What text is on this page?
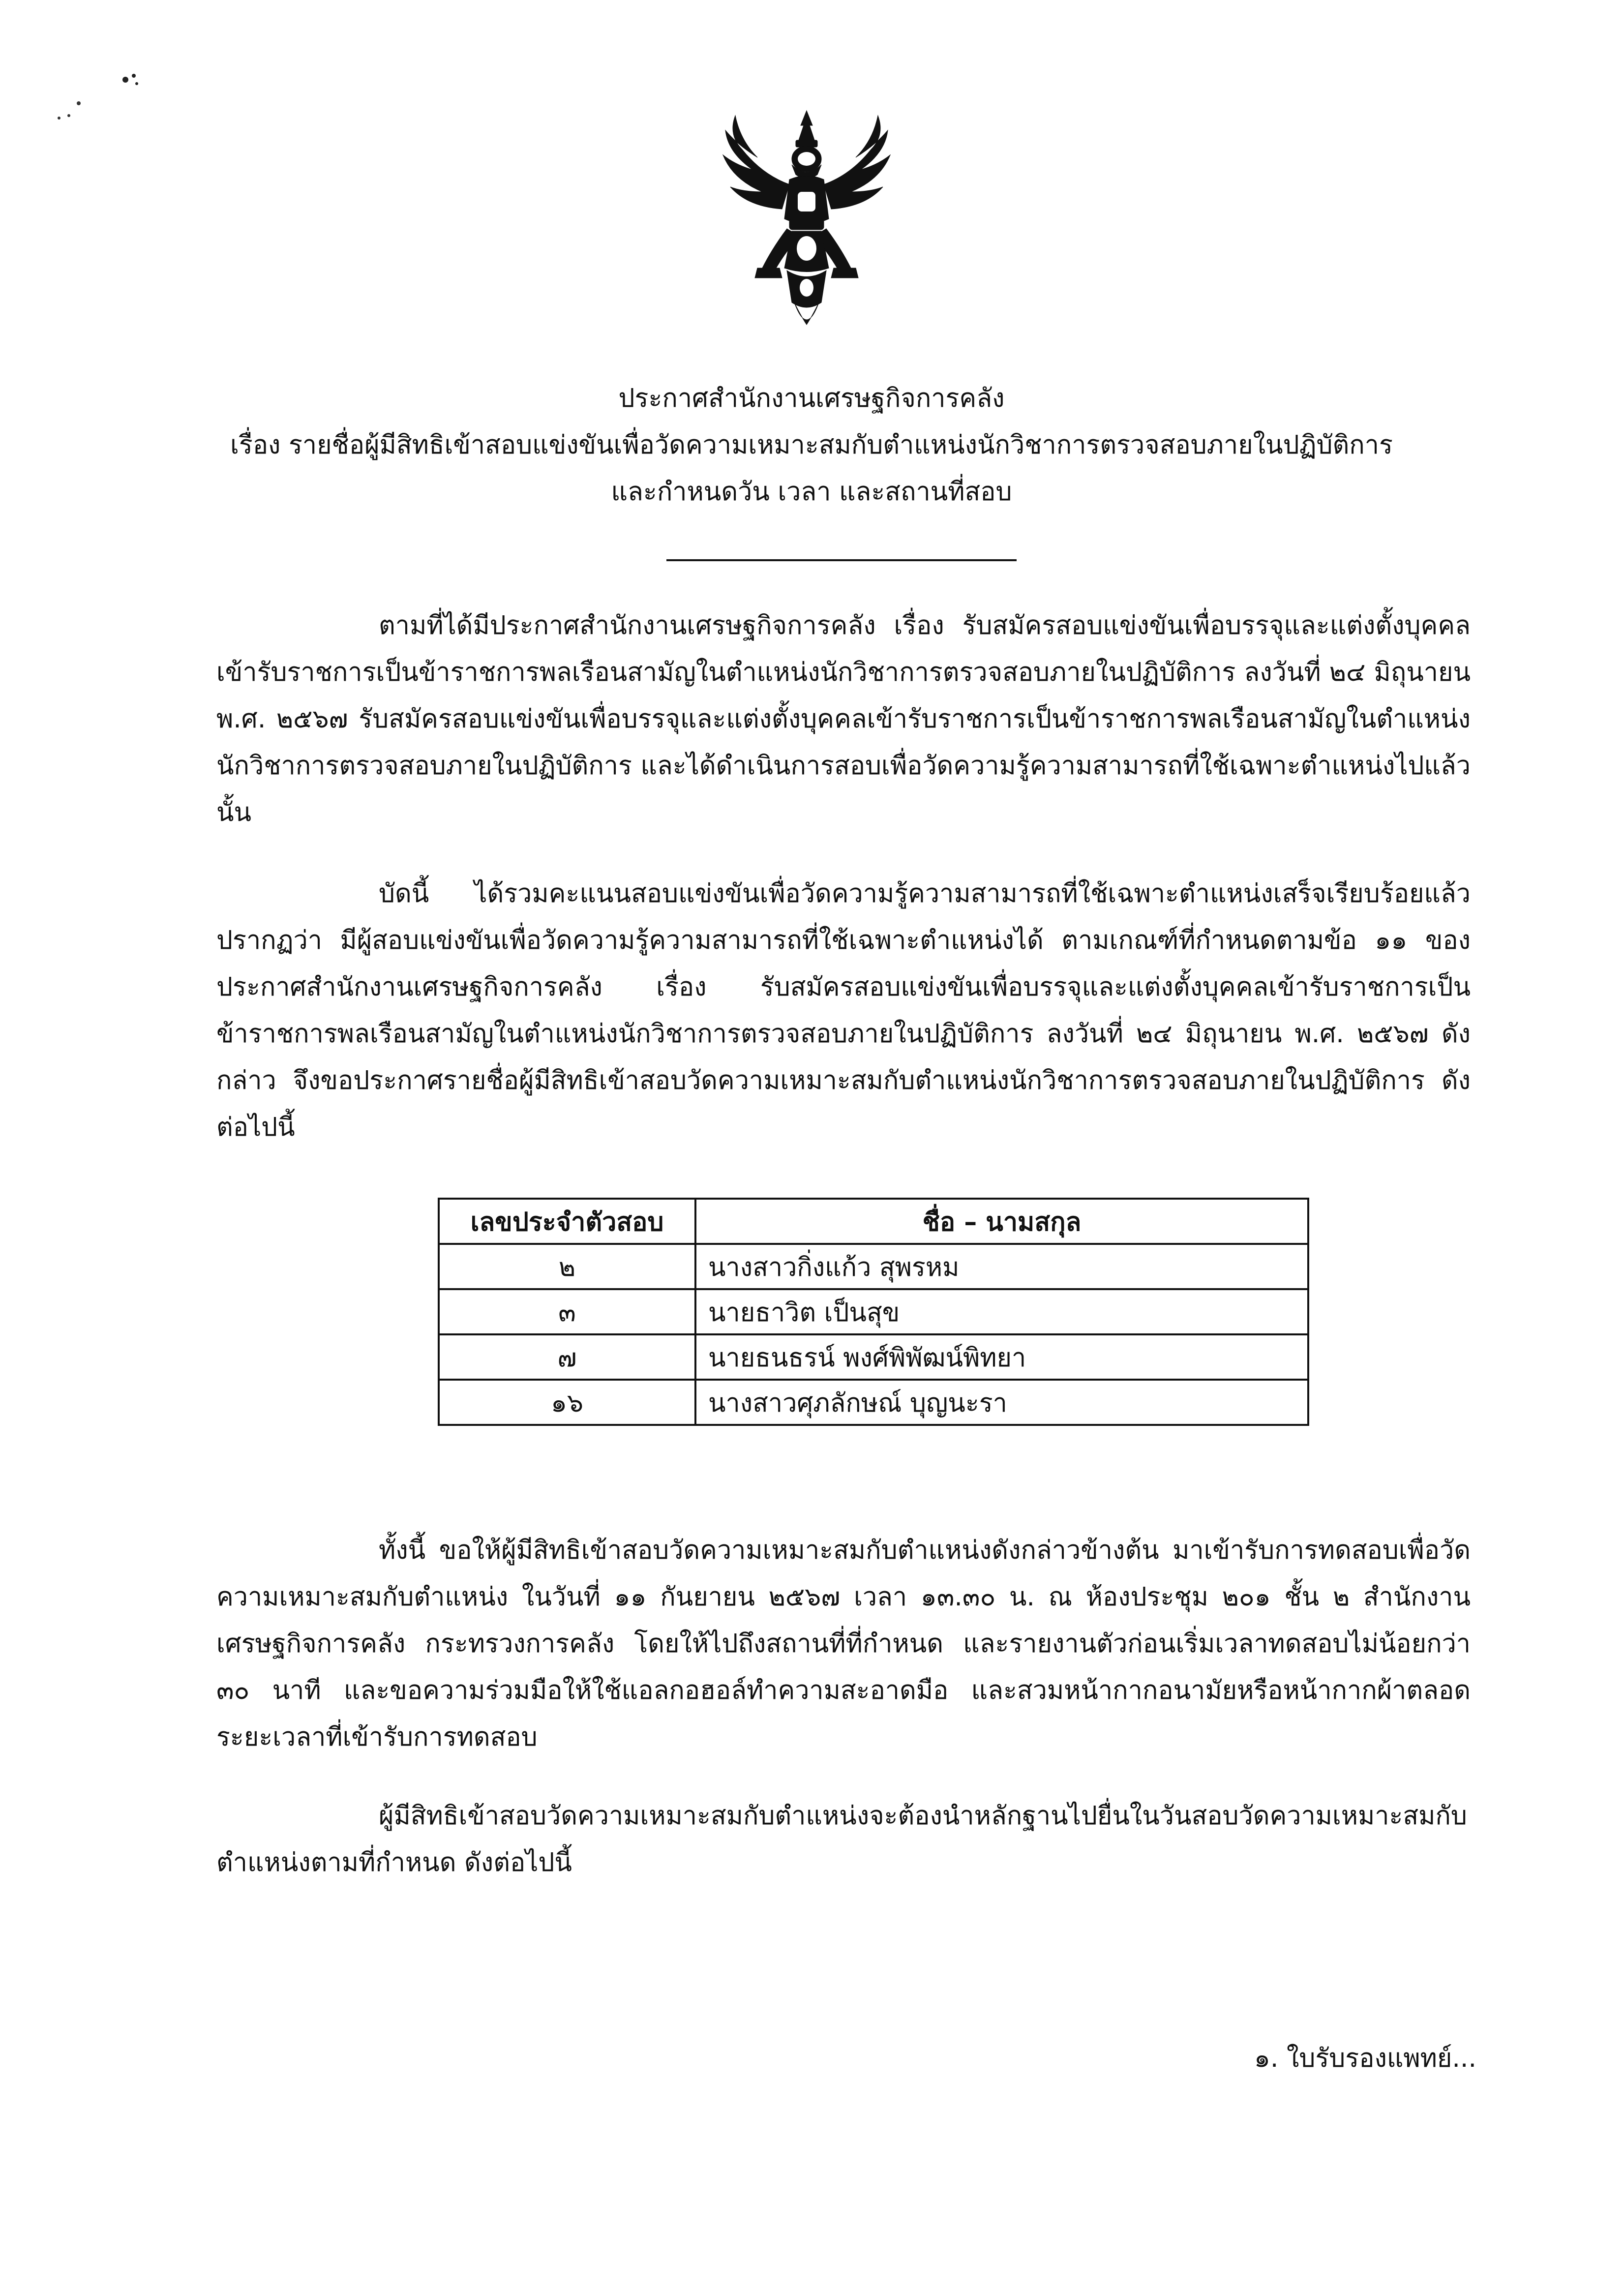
ประกาศสำนักงานเศรษฐกิจการคลัง
เรื่อง รายชื่อผู้มีสิทธิเข้าสอบแข่งขันเพื่อวัดความเหมาะสมกับตำแหน่งนักวิชาการตรวจสอบภายในปฏิบัติการ
และกำหนดวัน เวลา และสถานที่สอบ

ตามที่ได้มีประกาศสำนักงานเศรษฐกิจการคลัง เรื่อง รับสมัครสอบแข่งขันเพื่อบรรจุและแต่งตั้งบุคคลเข้ารับราชการเป็นข้าราชการพลเรือนสามัญในตำแหน่งนักวิชาการตรวจสอบภายในปฏิบัติการ ลงวันที่ ๒๔ มิถุนายน พ.ศ. ๒๕๖๗ รับสมัครสอบแข่งขันเพื่อบรรจุและแต่งตั้งบุคคลเข้ารับราชการเป็นข้าราชการพลเรือนสามัญในตำแหน่งนักวิชาการตรวจสอบภายในปฏิบัติการ และได้ดำเนินการสอบเพื่อวัดความรู้ความสามารถที่ใช้เฉพาะตำแหน่งไปแล้ว นั้น

บัดนี้ ได้รวมคะแนนสอบแข่งขันเพื่อวัดความรู้ความสามารถที่ใช้เฉพาะตำแหน่งเสร็จเรียบร้อยแล้ว ปรากฏว่า มีผู้สอบแข่งขันเพื่อวัดความรู้ความสามารถที่ใช้เฉพาะตำแหน่งได้ ตามเกณฑ์ที่กำหนดตามข้อ ๑๑ ของประกาศสำนักงานเศรษฐกิจการคลัง เรื่อง รับสมัครสอบแข่งขันเพื่อบรรจุและแต่งตั้งบุคคลเข้ารับราชการเป็นข้าราชการพลเรือนสามัญในตำแหน่งนักวิชาการตรวจสอบภายในปฏิบัติการ ลงวันที่ ๒๔ มิถุนายน พ.ศ. ๒๕๖๗ ดังกล่าว จึงขอประกาศรายชื่อผู้มีสิทธิเข้าสอบวัดความเหมาะสมกับตำแหน่งนักวิชาการตรวจสอบภายในปฏิบัติการ ดังต่อไปนี้

เลขประจำตัวสอบ	ชื่อ – นามสกุล
๒	นางสาวกิ่งแก้ว สุพรหม
๓	นายธาวิต เป็นสุข
๗	นายธนธรน์ พงศ์พิพัฒน์พิทยา
๑๖	นางสาวศุภลักษณ์ บุญนะรา

ทั้งนี้ ขอให้ผู้มีสิทธิเข้าสอบวัดความเหมาะสมกับตำแหน่งดังกล่าวข้างต้น มาเข้ารับการทดสอบเพื่อวัดความเหมาะสมกับตำแหน่ง ในวันที่ ๑๑ กันยายน ๒๕๖๗ เวลา ๑๓.๓๐ น. ณ ห้องประชุม ๒๐๑ ชั้น ๒ สำนักงานเศรษฐกิจการคลัง กระทรวงการคลัง โดยให้ไปถึงสถานที่ที่กำหนด และรายงานตัวก่อนเริ่มเวลาทดสอบไม่น้อยกว่า ๓๐ นาที และขอความร่วมมือให้ใช้แอลกอฮอล์ทำความสะอาดมือ และสวมหน้ากากอนามัยหรือหน้ากากผ้าตลอดระยะเวลาที่เข้ารับการทดสอบ

ผู้มีสิทธิเข้าสอบวัดความเหมาะสมกับตำแหน่งจะต้องนำหลักฐานไปยื่นในวันสอบวัดความเหมาะสมกับตำแหน่งตามที่กำหนด ดังต่อไปนี้

๑. ใบรับรองแพทย์...
